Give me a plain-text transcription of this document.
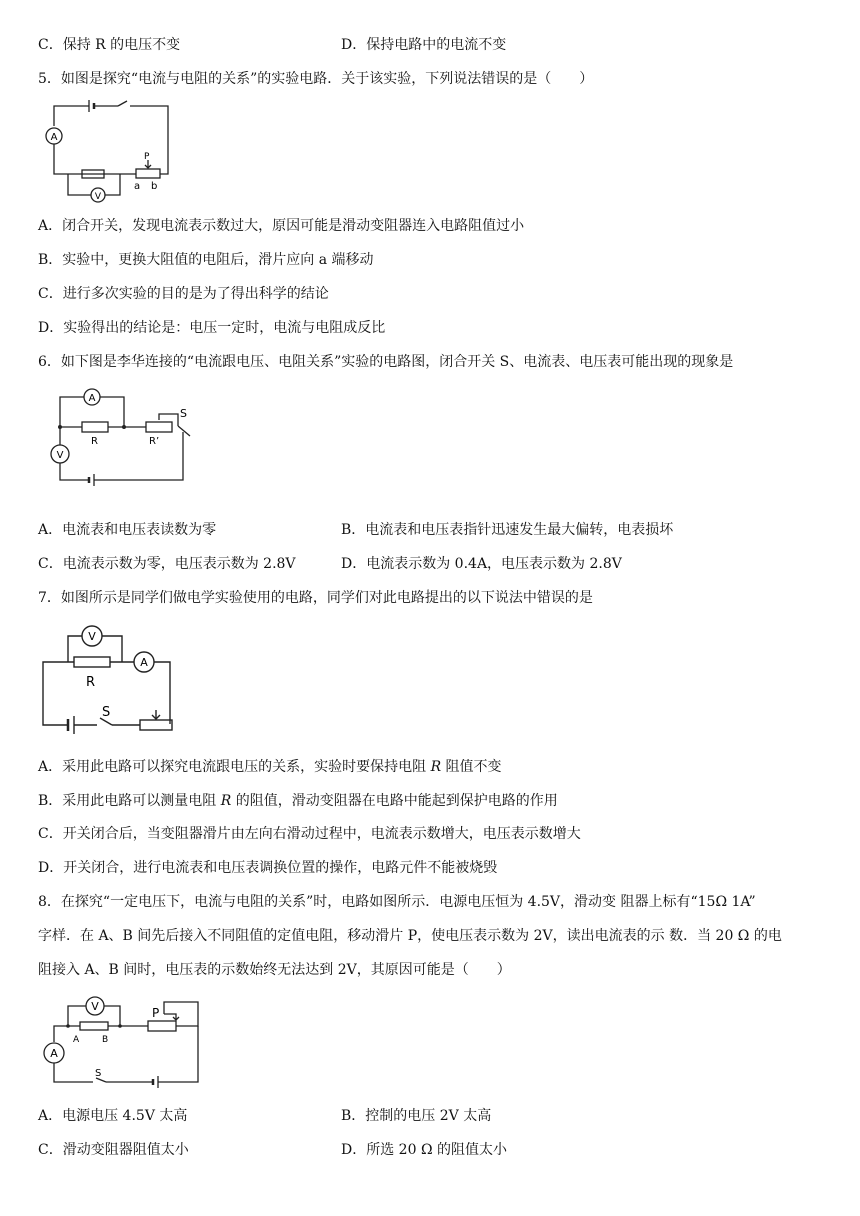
C．保持 R 的电压不变	D．保持电路中的电流不变
5．如图是探究“电流与电阻的关系”的实验电路．关于该实验，下列说法错误的是（　　）
A
V
P
a b
A．闭合开关，发现电流表示数过大，原因可能是滑动变阻器连入电路阻值过小
B．实验中，更换大阻值的电阻后，滑片应向 a 端移动
C．进行多次实验的目的是为了得出科学的结论
D．实验得出的结论是：电压一定时，电流与电阻成反比
6．如下图是李华连接的“电流跟电压、电阻关系”实验的电路图，闭合开关 S、电流表、电压表可能出现的现象是
A
V
R	R’
S
A．电流表和电压表读数为零	B．电流表和电压表指针迅速发生最大偏转，电表损坏
C．电流表示数为零，电压表示数为 2.8V	D．电流表示数为 0.4A，电压表示数为 2.8V
7．如图所示是同学们做电学实验使用的电路，同学们对此电路提出的以下说法中错误的是
V
A
R
S
A．采用此电路可以探究电流跟电压的关系，实验时要保持电阻 R 阻值不变
B．采用此电路可以测量电阻 R 的阻值，滑动变阻器在电路中能起到保护电路的作用
C．开关闭合后，当变阻器滑片由左向右滑动过程中，电流表示数增大，电压表示数增大
D．开关闭合，进行电流表和电压表调换位置的操作，电路元件不能被烧毁
8．在探究“一定电压下，电流与电阻的关系”时，电路如图所示．电源电压恒为 4.5V，滑动变 阻器上标有“15Ω 1A”
字样．在 A、B 间先后接入不同阻值的定值电阻，移动滑片 P，使电压表示数为 2V，读出电流表的示 数．当 20 Ω 的电
阻接入 A、B 间时，电压表的示数始终无法达到 2V，其原因可能是（　　）
V
A
A	B
P
S
A．电源电压 4.5V 太高	B．控制的电压 2V 太高
C．滑动变阻器阻值太小	D．所选 20 Ω 的阻值太小
